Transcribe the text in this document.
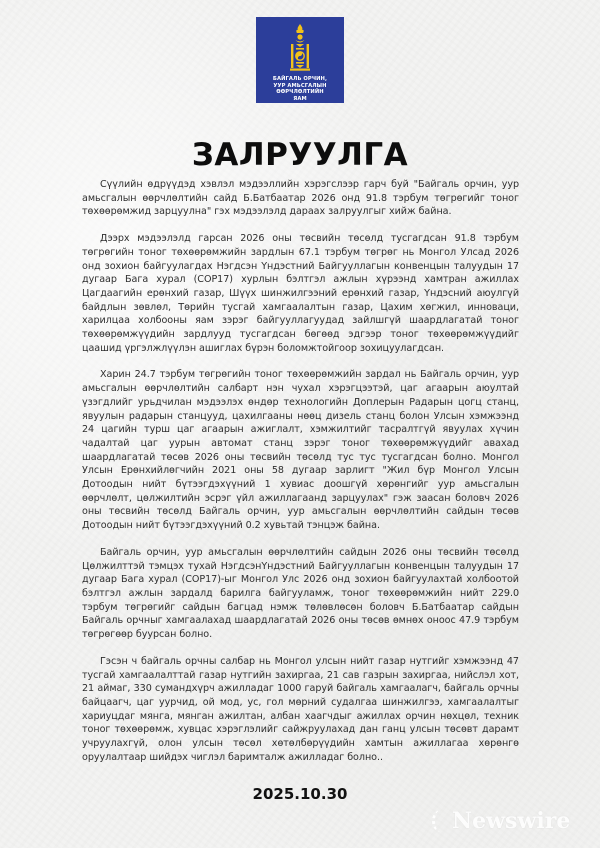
БАЙГАЛЬ ОРЧИН,
УУР АМЬСГАЛЫН ӨӨРЧЛӨЛТИЙН
ЯАМ
ЗАЛРУУЛГА

Сүүлийн өдрүүдэд хэвлэл мэдээллийн хэрэгслээр гарч буй "Байгаль орчин, уур амьсгалын өөрчлөлтийн сайд Б.Батбаатар 2026 онд 91.8 тэрбум төгрөгийг тоног төхөөрөмжид зарцуулна" гэх мэдээлэлд дараах залруулгыг хийж байна.

Дээрх мэдээлэлд гарсан 2026 оны төсвийн төсөлд тусгагдсан 91.8 тэрбум төгрөгийн тоног төхөөрөмжийн зардлын 67.1 тэрбум төгрөг нь Монгол Улсад 2026 онд зохион байгуулагдах Нэгдсэн Үндэстний Байгууллагын конвенцын талуудын 17 дугаар Бага хурал (COP17) хурлын бэлтгэл ажлын хүрээнд хамтран ажиллах Цагдаагийн ерөнхий газар, Шүүх шинжилгээний ерөнхий газар, Үндэсний аюулгүй байдлын зөвлөл, Төрийн тусгай хамгаалалтын газар, Цахим хөгжил, инноваци, харилцаа холбооны яам зэрэг байгууллагуудад зайлшгүй шаардлагатай тоног төхөөрөмжүүдийн зардлууд тусгагдсан бөгөөд эдгээр тоног төхөөрөмжүүдийг цаашид үргэлжлүүлэн ашиглах бүрэн боломжтойгоор зохицуулагдсан.

Харин 24.7 тэрбум төгрөгийн тоног төхөөрөмжийн зардал нь Байгаль орчин, уур амьсгалын өөрчлөлтийн салбарт нэн чухал хэрэгцээтэй, цаг агаарын аюултай үзэгдлийг урьдчилан мэдээлэх өндөр технологийн Доплерын Радарын цогц станц, явуулын радарын станцууд, цахилгааны нөөц дизель станц болон Улсын хэмжээнд 24 цагийн турш цаг агаарын ажиглалт, хэмжилтийг тасралтгүй явуулах хүчин чадалтай цаг уурын автомат станц зэрэг тоног төхөөрөмжүүдийг авахад шаардлагатай төсөв 2026 оны төсвийн төсөлд тус тус тусгагдсан болно. Монгол Улсын Ерөнхийлөгчийн 2021 оны 58 дугаар зарлигт "Жил бүр Монгол Улсын Дотоодын нийт бүтээгдэхүүний 1 хувиас доошгүй хөрөнгийг уур амьсгалын өөрчлөлт, цөлжилтийн эсрэг үйл ажиллагаанд зарцуулах" гэж заасан боловч 2026 оны төсвийн төсөлд Байгаль орчин, уур амьсгалын өөрчлөлтийн сайдын төсөв Дотоодын нийт бүтээгдэхүүний 0.2 хувьтай тэнцэж байна.

Байгаль орчин, уур амьсгалын өөрчлөлтийн сайдын 2026 оны төсвийн төсөлд Цөлжилттэй тэмцэх тухай НэгдсэнҮндэстний Байгууллагын конвенцын талуудын 17 дугаар Бага хурал (COP17)-ыг Монгол Улс 2026 онд зохион байгуулахтай холбоотой бэлтгэл ажлын зардалд барилга байгууламж, тоног төхөөрөмжийн нийт 229.0 тэрбум төгрөгийг сайдын багцад нэмж төлөвлөсөн боловч Б.Батбаатар сайдын Байгаль орчныг хамгаалахад шаардлагатай 2026 оны төсөв өмнөх оноос 47.9 тэрбум төгрөгөөр буурсан болно.

Гэсэн ч байгаль орчны салбар нь Монгол улсын нийт газар нутгийг хэмжээнд 47 тусгай хамгаалалттай газар нутгийн захиргаа, 21 сав газрын захиргаа, нийслэл хот, 21 аймаг, 330 сумандхүрч ажилладаг 1000 гаруй байгаль хамгаалагч, байгаль орчны байцаагч, цаг уурчид, ой мод, ус, гол мөрний судалгаа шинжилгээ, хамгаалалтыг хариуцдаг мянга, мянган ажилтан, албан хаагчдыг ажиллах орчин нөхцөл, техник тоног төхөөрөмж, хувцас хэрэглэлийг сайжруулахад дан ганц улсын төсөвт дарамт учруулахгүй, олон улсын төсөл хөтөлбөрүүдийн хамтын ажиллагаа хөрөнгө оруулалтаар шийдэх чиглэл баримталж ажилладаг болно..

2025.10.30
Newswire
